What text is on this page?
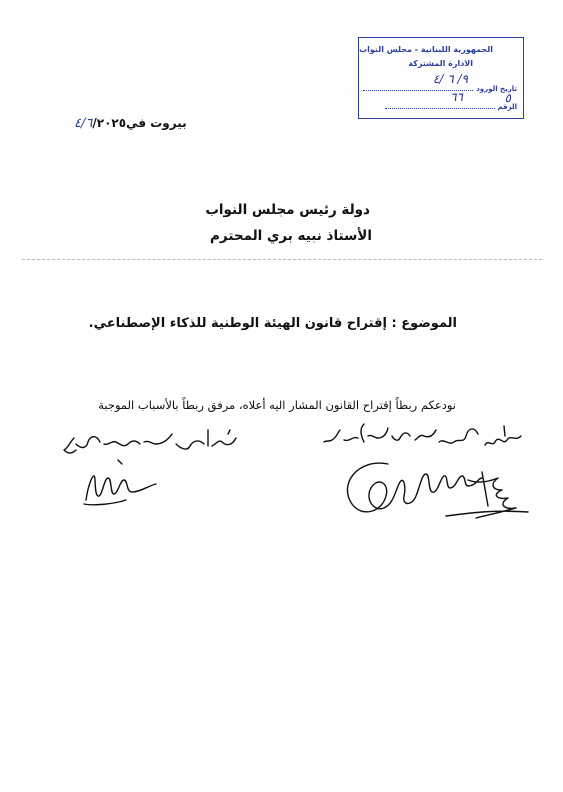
الجمهورية اللبنانية - مجلس النواب
الادارة المشتركة
تاريخ الورود
الرقم
٩/ ٦ /٤
٦٦	٥
بيروت في٤/٦/٢٠٢٥
دولة رئيس مجلس النواب
الأستاذ نبيه بري المحترم
الموضوع : إقتراح قانون الهيئة الوطنية للذكاء الإصطناعي.
نودعكم ربطاً إقتراح القانون المشار اليه أعلاه، مرفق ربطاً بالأسباب الموجبة
